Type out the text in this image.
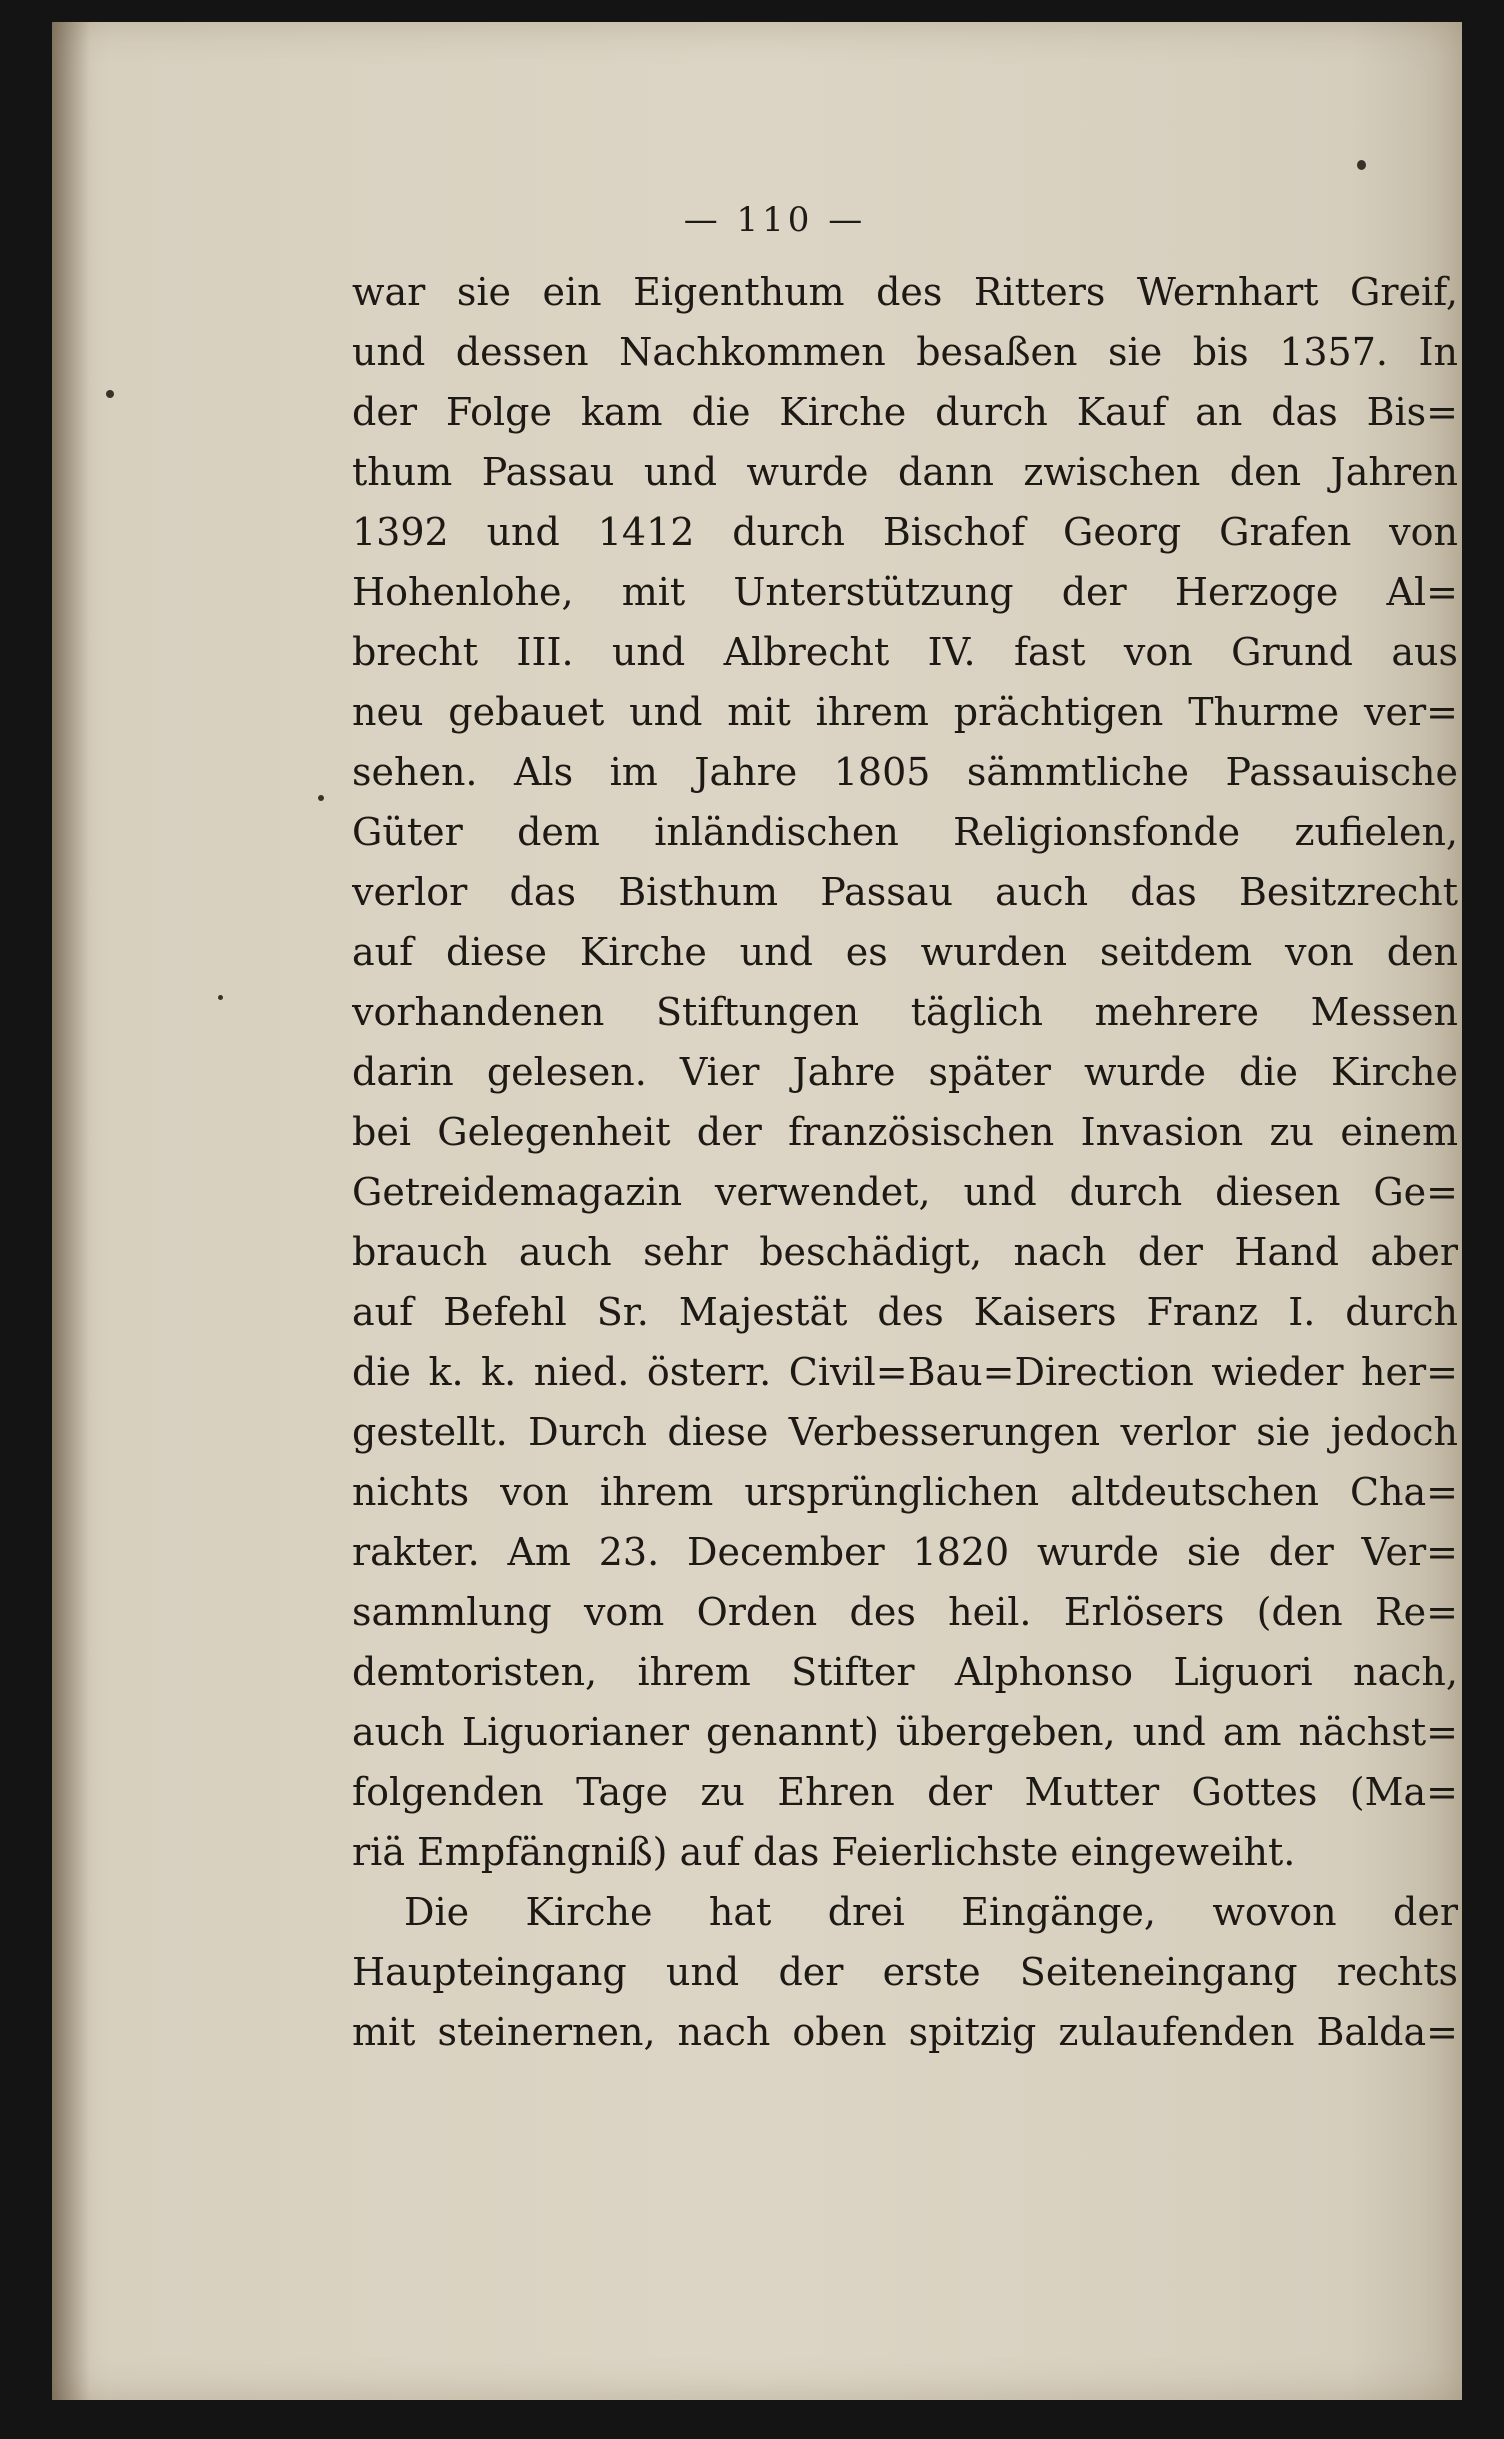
— 110 —
war sie ein Eigenthum des Ritters Wernhart Greif,
und dessen Nachkommen besaßen sie bis 1357. In
der Folge kam die Kirche durch Kauf an das Bis=
thum Passau und wurde dann zwischen den Jahren
1392 und 1412 durch Bischof Georg Grafen von
Hohenlohe, mit Unterstützung der Herzoge Al=
brecht III. und Albrecht IV. fast von Grund aus
neu gebauet und mit ihrem prächtigen Thurme ver=
sehen. Als im Jahre 1805 sämmtliche Passauische
Güter dem inländischen Religionsfonde zufielen,
verlor das Bisthum Passau auch das Besitzrecht
auf diese Kirche und es wurden seitdem von den
vorhandenen Stiftungen täglich mehrere Messen
darin gelesen. Vier Jahre später wurde die Kirche
bei Gelegenheit der französischen Invasion zu einem
Getreidemagazin verwendet, und durch diesen Ge=
brauch auch sehr beschädigt, nach der Hand aber
auf Befehl Sr. Majestät des Kaisers Franz I. durch
die k. k. nied. österr. Civil=Bau=Direction wieder her=
gestellt. Durch diese Verbesserungen verlor sie jedoch
nichts von ihrem ursprünglichen altdeutschen Cha=
rakter. Am 23. December 1820 wurde sie der Ver=
sammlung vom Orden des heil. Erlösers (den Re=
demtoristen, ihrem Stifter Alphonso Liguori nach,
auch Liguorianer genannt) übergeben, und am nächst=
folgenden Tage zu Ehren der Mutter Gottes (Ma=
riä Empfängniß) auf das Feierlichste eingeweiht.
Die Kirche hat drei Eingänge, wovon der
Haupteingang und der erste Seiteneingang rechts
mit steinernen, nach oben spitzig zulaufenden Balda=
